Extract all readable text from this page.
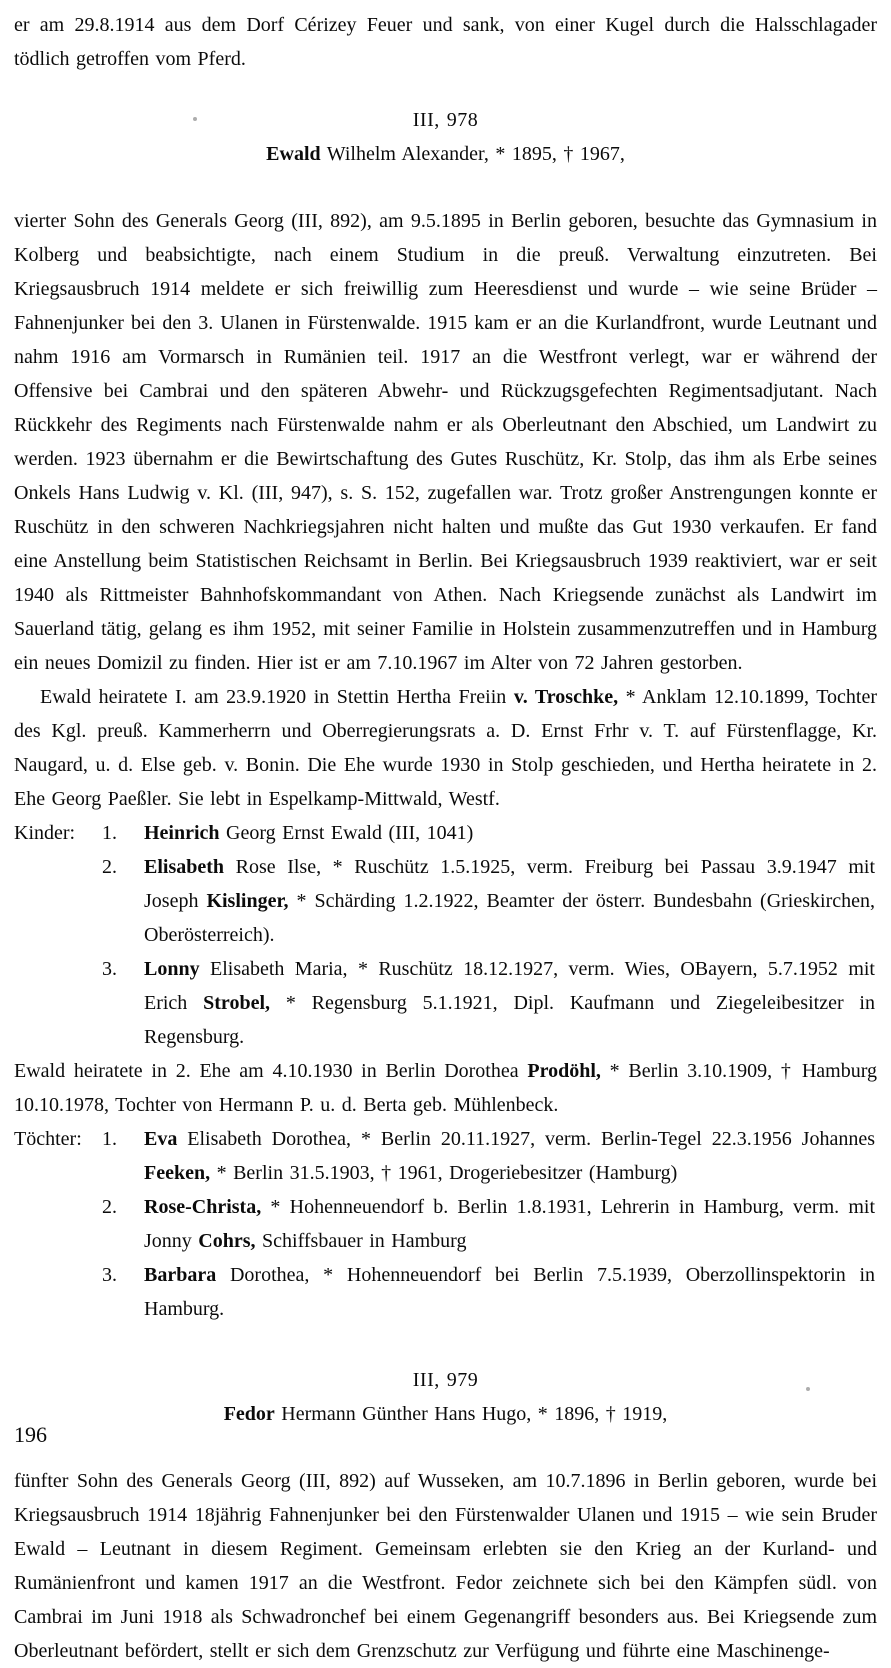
er am 29.8.1914 aus dem Dorf Cérizey Feuer und sank, von einer Kugel durch die Halsschlagader tödlich getroffen vom Pferd.

III, 978
Ewald Wilhelm Alexander, * 1895, † 1967,

vierter Sohn des Generals Georg (III, 892), am 9.5.1895 in Berlin geboren, besuchte das Gymnasium in Kolberg und beabsichtigte, nach einem Studium in die preuß. Verwaltung einzutreten. Bei Kriegsausbruch 1914 meldete er sich freiwillig zum Heeresdienst und wurde – wie seine Brüder – Fahnenjunker bei den 3. Ulanen in Fürstenwalde. 1915 kam er an die Kurlandfront, wurde Leutnant und nahm 1916 am Vormarsch in Rumänien teil. 1917 an die Westfront verlegt, war er während der Offensive bei Cambrai und den späteren Abwehr- und Rückzugsgefechten Regimentsadjutant. Nach Rückkehr des Regiments nach Fürstenwalde nahm er als Oberleutnant den Abschied, um Landwirt zu werden. 1923 übernahm er die Bewirtschaftung des Gutes Ruschütz, Kr. Stolp, das ihm als Erbe seines Onkels Hans Ludwig v. Kl. (III, 947), s. S. 152, zugefallen war. Trotz großer Anstrengungen konnte er Ruschütz in den schweren Nachkriegsjahren nicht halten und mußte das Gut 1930 verkaufen. Er fand eine Anstellung beim Statistischen Reichsamt in Berlin. Bei Kriegsausbruch 1939 reaktiviert, war er seit 1940 als Rittmeister Bahnhofskommandant von Athen. Nach Kriegsende zunächst als Landwirt im Sauerland tätig, gelang es ihm 1952, mit seiner Familie in Holstein zusammenzutreffen und in Hamburg ein neues Domizil zu finden. Hier ist er am 7.10.1967 im Alter von 72 Jahren gestorben.

Ewald heiratete I. am 23.9.1920 in Stettin Hertha Freiin v. Troschke, * Anklam 12.10.1899, Tochter des Kgl. preuß. Kammerherrn und Oberregierungsrats a. D. Ernst Frhr v. T. auf Fürstenflagge, Kr. Naugard, u. d. Else geb. v. Bonin. Die Ehe wurde 1930 in Stolp geschieden, und Hertha heiratete in 2. Ehe Georg Paeßler. Sie lebt in Espelkamp-Mittwald, Westf.

Kinder:	1.	Heinrich Georg Ernst Ewald (III, 1041)
2.	Elisabeth Rose Ilse, * Ruschütz 1.5.1925, verm. Freiburg bei Passau 3.9.1947 mit Joseph Kislinger, * Schärding 1.2.1922, Beamter der österr. Bundesbahn (Grieskirchen, Oberösterreich).
3.	Lonny Elisabeth Maria, * Ruschütz 18.12.1927, verm. Wies, OBayern, 5.7.1952 mit Erich Strobel, * Regensburg 5.1.1921, Dipl. Kaufmann und Ziegeleibesitzer in Regensburg.

Ewald heiratete in 2. Ehe am 4.10.1930 in Berlin Dorothea Prodöhl, * Berlin 3.10.1909, † Hamburg 10.10.1978, Tochter von Hermann P. u. d. Berta geb. Mühlenbeck.

Töchter:	1.	Eva Elisabeth Dorothea, * Berlin 20.11.1927, verm. Berlin-Tegel 22.3.1956 Johannes Feeken, * Berlin 31.5.1903, † 1961, Drogeriebesitzer (Hamburg)
2.	Rose-Christa, * Hohenneuendorf b. Berlin 1.8.1931, Lehrerin in Hamburg, verm. mit Jonny Cohrs, Schiffsbauer in Hamburg
3.	Barbara Dorothea, * Hohenneuendorf bei Berlin 7.5.1939, Oberzollinspektorin in Hamburg.
III, 979
Fedor Hermann Günther Hans Hugo, * 1896, † 1919,

fünfter Sohn des Generals Georg (III, 892) auf Wusseken, am 10.7.1896 in Berlin geboren, wurde bei Kriegsausbruch 1914 18jährig Fahnenjunker bei den Fürstenwalder Ulanen und 1915 – wie sein Bruder Ewald – Leutnant in diesem Regiment. Gemeinsam erlebten sie den Krieg an der Kurland- und Rumänienfront und kamen 1917 an die Westfront. Fedor zeichnete sich bei den Kämpfen südl. von Cambrai im Juni 1918 als Schwadronchef bei einem Gegenangriff besonders aus. Bei Kriegsende zum Oberleutnant befördert, stellt er sich dem Grenzschutz zur Verfügung und führte eine Maschinenge-

196
